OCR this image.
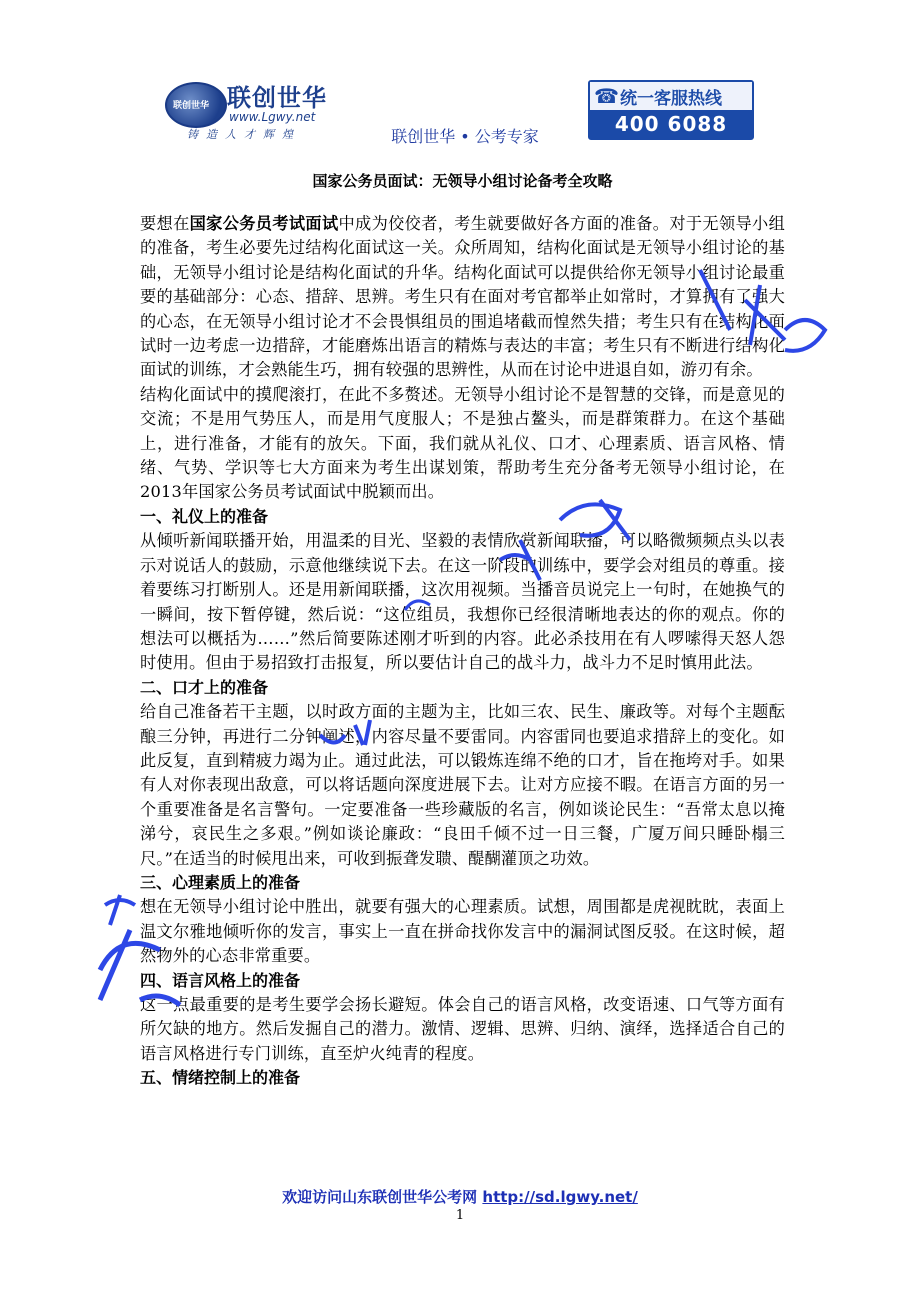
联创世华 联创世华
www.Lgwy.net
铸造人才辉煌	联创世华 • 公考专家
☎ 统一客服热线
400 6088 636
国家公务员面试：无领导小组讨论备考全攻略

要想在国家公务员考试面试中成为佼佼者，考生就要做好各方面的准备。对于无领导小组的准备，考生必要先过结构化面试这一关。众所周知，结构化面试是无领导小组讨论的基础，无领导小组讨论是结构化面试的升华。结构化面试可以提供给你无领导小组讨论最重要的基础部分：心态、措辞、思辨。考生只有在面对考官都举止如常时，才算拥有了强大的心态，在无领导小组讨论才不会畏惧组员的围追堵截而惶然失措；考生只有在结构化面试时一边考虑一边措辞，才能磨炼出语言的精炼与表达的丰富；考生只有不断进行结构化面试的训练，才会熟能生巧，拥有较强的思辨性，从而在讨论中进退自如，游刃有余。

结构化面试中的摸爬滚打，在此不多赘述。无领导小组讨论不是智慧的交锋，而是意见的交流；不是用气势压人，而是用气度服人；不是独占鳌头，而是群策群力。在这个基础上，进行准备，才能有的放矢。下面，我们就从礼仪、口才、心理素质、语言风格、情绪、气势、学识等七大方面来为考生出谋划策，帮助考生充分备考无领导小组讨论，在2013年国家公务员考试面试中脱颖而出。

一、礼仪上的准备

从倾听新闻联播开始，用温柔的目光、坚毅的表情欣赏新闻联播，可以略微频频点头以表示对说话人的鼓励，示意他继续说下去。在这一阶段的训练中，要学会对组员的尊重。接着要练习打断别人。还是用新闻联播，这次用视频。当播音员说完上一句时，在她换气的一瞬间，按下暂停键，然后说：“这位组员，我想你已经很清晰地表达的你的观点。你的想法可以概括为……”然后简要陈述刚才听到的内容。此必杀技用在有人啰嗦得天怒人怨时使用。但由于易招致打击报复，所以要估计自己的战斗力，战斗力不足时慎用此法。

二、口才上的准备

给自己准备若干主题，以时政方面的主题为主，比如三农、民生、廉政等。对每个主题酝酿三分钟，再进行二分钟阐述，内容尽量不要雷同。内容雷同也要追求措辞上的变化。如此反复，直到精疲力竭为止。通过此法，可以锻炼连绵不绝的口才，旨在拖垮对手。如果有人对你表现出敌意，可以将话题向深度进展下去。让对方应接不暇。在语言方面的另一个重要准备是名言警句。一定要准备一些珍藏版的名言，例如谈论民生：“吾常太息以掩涕兮，哀民生之多艰。”例如谈论廉政：“良田千倾不过一日三餐，广厦万间只睡卧榻三尺。”在适当的时候甩出来，可收到振聋发聩、醍醐灌顶之功效。

三、心理素质上的准备

想在无领导小组讨论中胜出，就要有强大的心理素质。试想，周围都是虎视眈眈，表面上温文尔雅地倾听你的发言，事实上一直在拼命找你发言中的漏洞试图反驳。在这时候，超然物外的心态非常重要。

四、语言风格上的准备

这一点最重要的是考生要学会扬长避短。体会自己的语言风格，改变语速、口气等方面有所欠缺的地方。然后发掘自己的潜力。激情、逻辑、思辨、归纳、演绎，选择适合自己的语言风格进行专门训练，直至炉火纯青的程度。

五、情绪控制上的准备
欢迎访问山东联创世华公考网 http://sd.lgwy.net/
1
